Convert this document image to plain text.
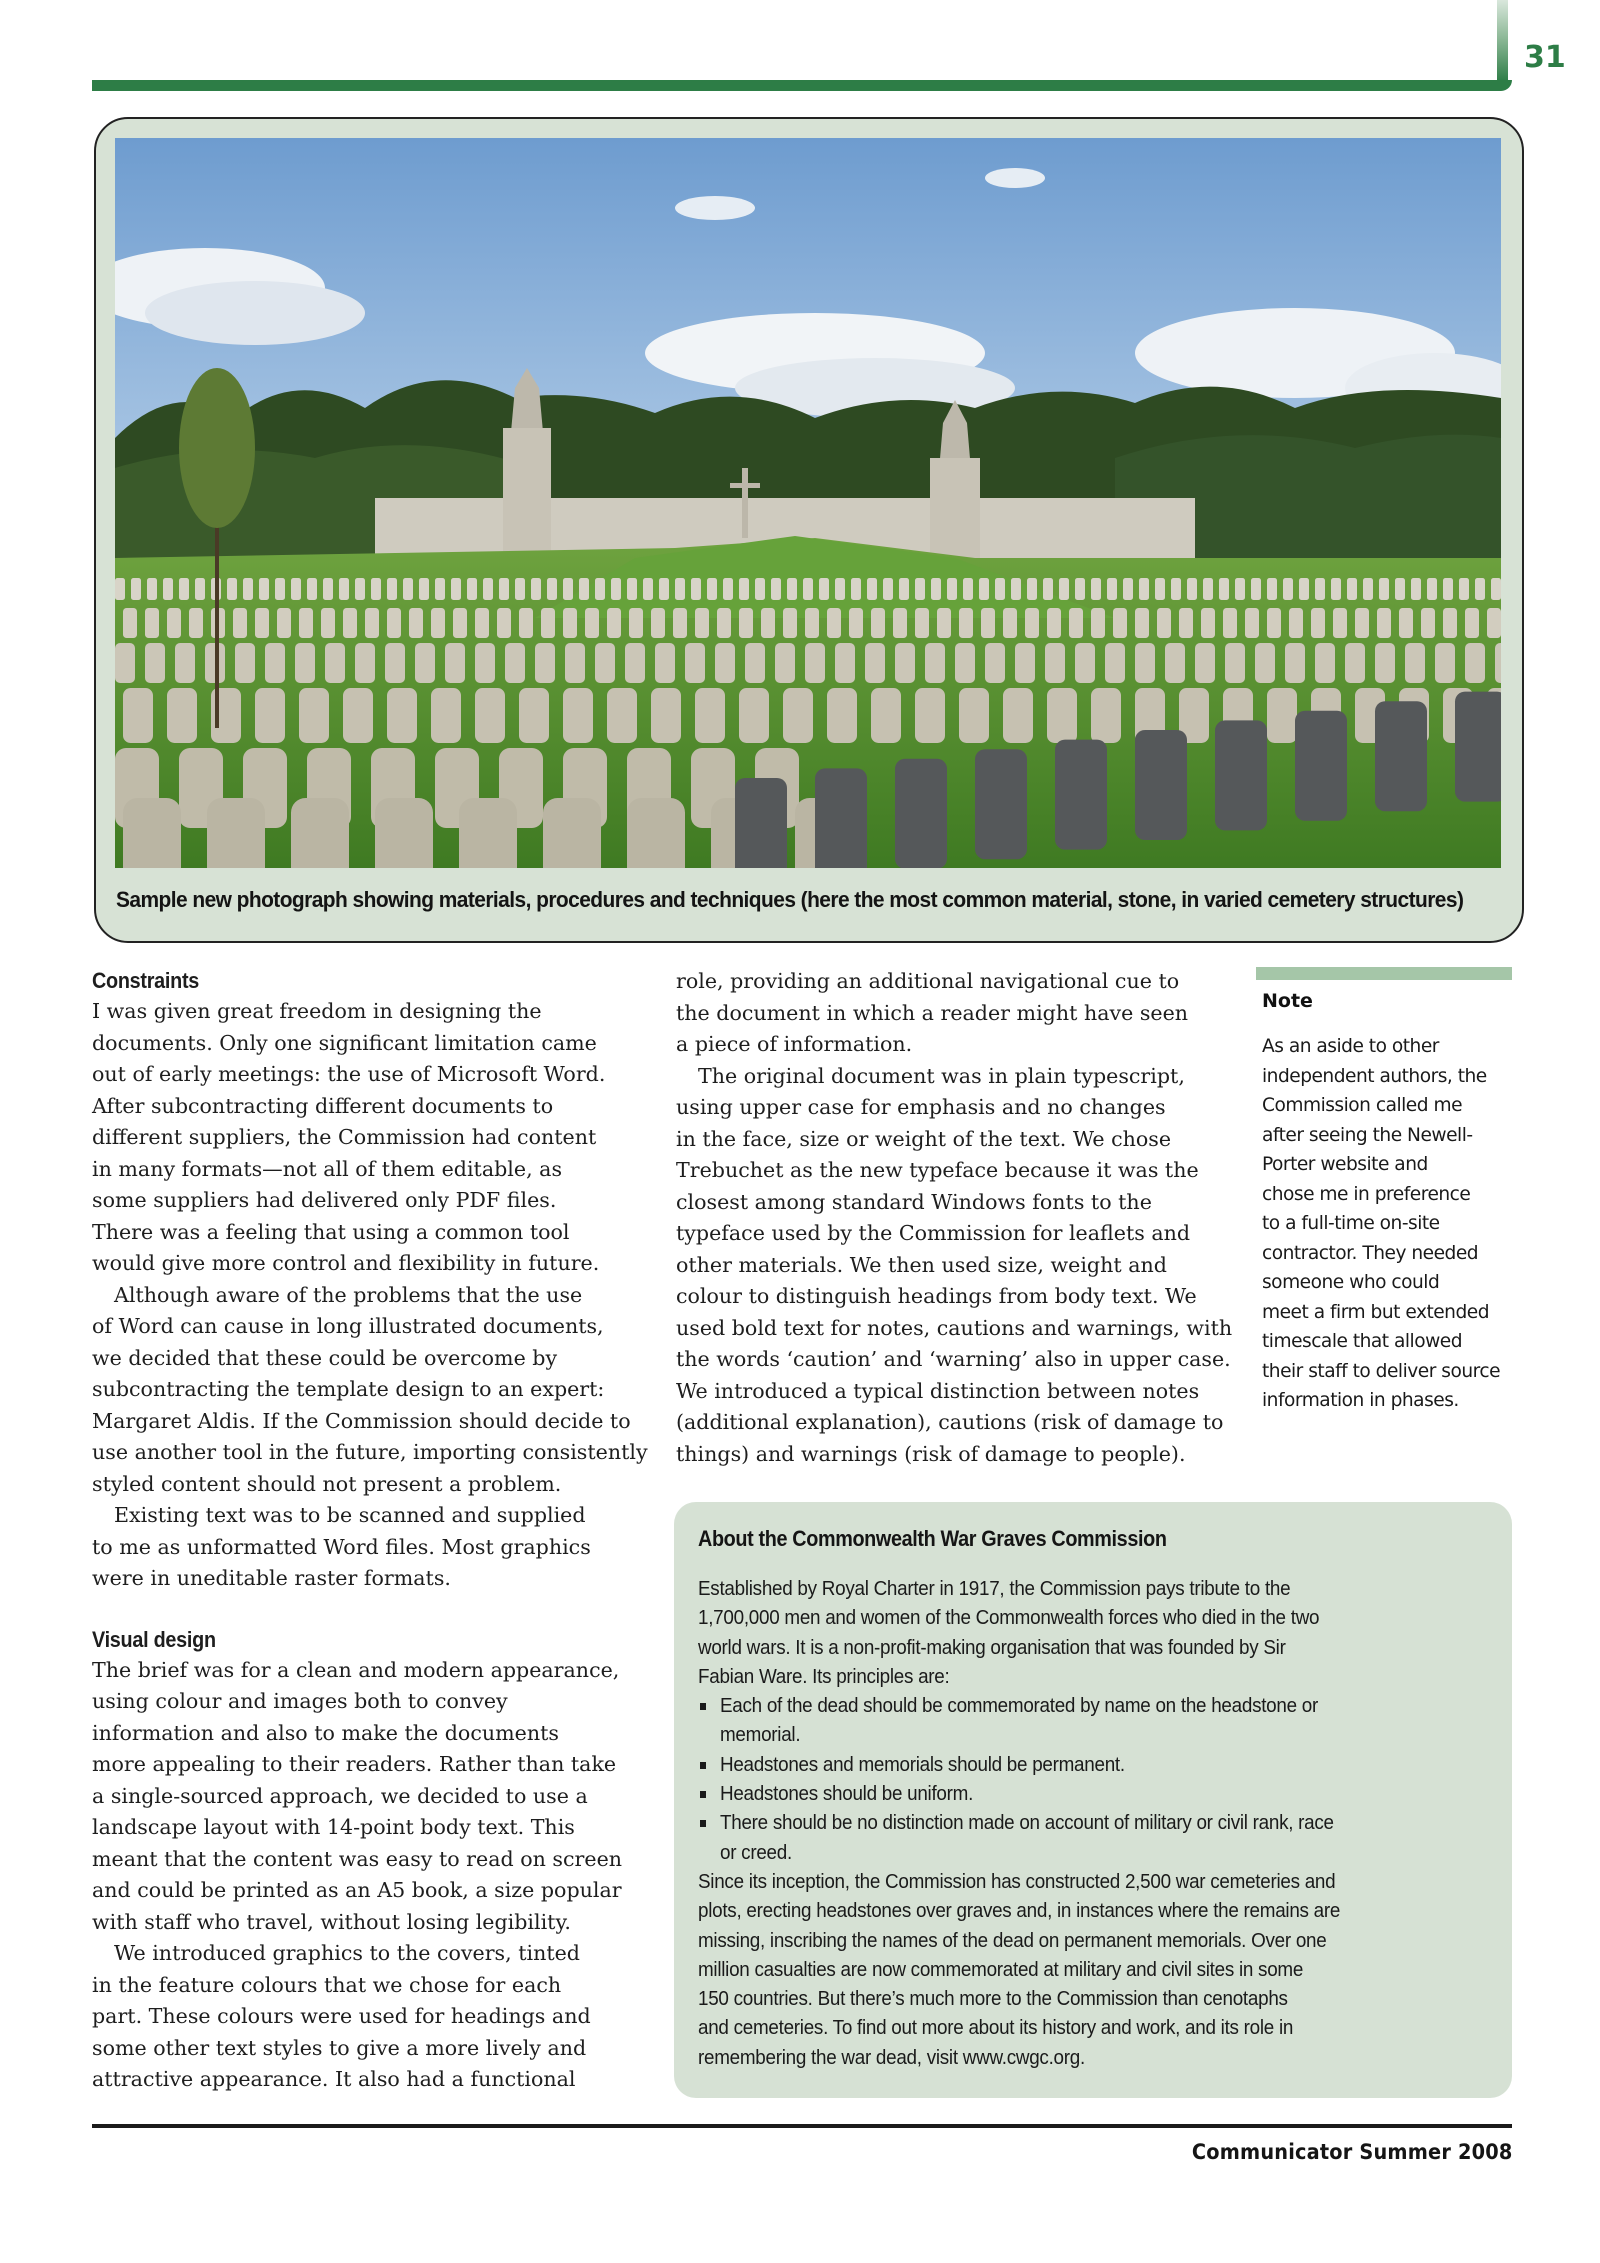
31
Sample new photograph showing materials, procedures and techniques (here the most common material, stone, in varied cemetery structures)
Constraints

I was given great freedom in designing the
documents. Only one significant limitation came
out of early meetings: the use of Microsoft Word.
After subcontracting different documents to
different suppliers, the Commission had content
in many formats—not all of them editable, as
some suppliers had delivered only PDF files.
There was a feeling that using a common tool
would give more control and flexibility in future.

Although aware of the problems that the use
of Word can cause in long illustrated documents,
we decided that these could be overcome by
subcontracting the template design to an expert:
Margaret Aldis. If the Commission should decide to
use another tool in the future, importing consistently
styled content should not present a problem.

Existing text was to be scanned and supplied
to me as unformatted Word files. Most graphics
were in uneditable raster formats.

Visual design

The brief was for a clean and modern appearance,
using colour and images both to convey
information and also to make the documents
more appealing to their readers. Rather than take
a single-sourced approach, we decided to use a
landscape layout with 14-point body text. This
meant that the content was easy to read on screen
and could be printed as an A5 book, a size popular
with staff who travel, without losing legibility.

We introduced graphics to the covers, tinted
in the feature colours that we chose for each
part. These colours were used for headings and
some other text styles to give a more lively and
attractive appearance. It also had a functional

role, providing an additional navigational cue to
the document in which a reader might have seen
a piece of information.

The original document was in plain typescript,
using upper case for emphasis and no changes
in the face, size or weight of the text. We chose
Trebuchet as the new typeface because it was the
closest among standard Windows fonts to the
typeface used by the Commission for leaflets and
other materials. We then used size, weight and
colour to distinguish headings from body text. We
used bold text for notes, cautions and warnings, with
the words ‘caution’ and ‘warning’ also in upper case.
We introduced a typical distinction between notes
(additional explanation), cautions (risk of damage to
things) and warnings (risk of damage to people).

Note
As an aside to other
independent authors, the
Commission called me
after seeing the Newell-
Porter website and
chose me in preference
to a full-time on-site
contractor. They needed
someone who could
meet a firm but extended
timescale that allowed
their staff to deliver source
information in phases.
About the Commonwealth War Graves Commission
Established by Royal Charter in 1917, the Commission pays tribute to the
1,700,000 men and women of the Commonwealth forces who died in the two
world wars. It is a non-profit-making organisation that was founded by Sir
Fabian Ware. Its principles are:
Each of the dead should be commemorated by name on the headstone or
memorial.
Headstones and memorials should be permanent.
Headstones should be uniform.
There should be no distinction made on account of military or civil rank, race
or creed.
Since its inception, the Commission has constructed 2,500 war cemeteries and
plots, erecting headstones over graves and, in instances where the remains are
missing, inscribing the names of the dead on permanent memorials. Over one
million casualties are now commemorated at military and civil sites in some
150 countries. But there’s much more to the Commission than cenotaphs
and cemeteries. To find out more about its history and work, and its role in
remembering the war dead, visit www.cwgc.org.
Communicator Summer 2008
